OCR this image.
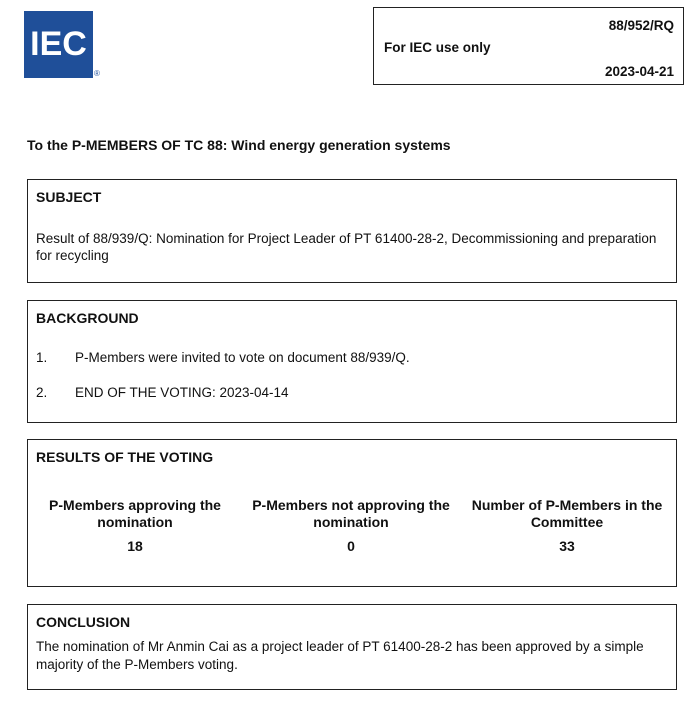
IEC
®
88/952/RQ
For IEC use only
2023-04-21
To the P-MEMBERS OF TC 88: Wind energy generation systems
SUBJECT
Result of 88/939/Q: Nomination for Project Leader of PT 61400-28-2, Decommissioning and preparation for recycling
BACKGROUND
1. P-Members were invited to vote on document 88/939/Q.
2. END OF THE VOTING: 2023-04-14
RESULTS OF THE VOTING
P-Members approving the nomination
18
P-Members not approving the nomination
0
Number of P-Members in the Committee
33
CONCLUSION
The nomination of Mr Anmin Cai as a project leader of PT 61400-28-2 has been approved by a simple majority of the P-Members voting.
